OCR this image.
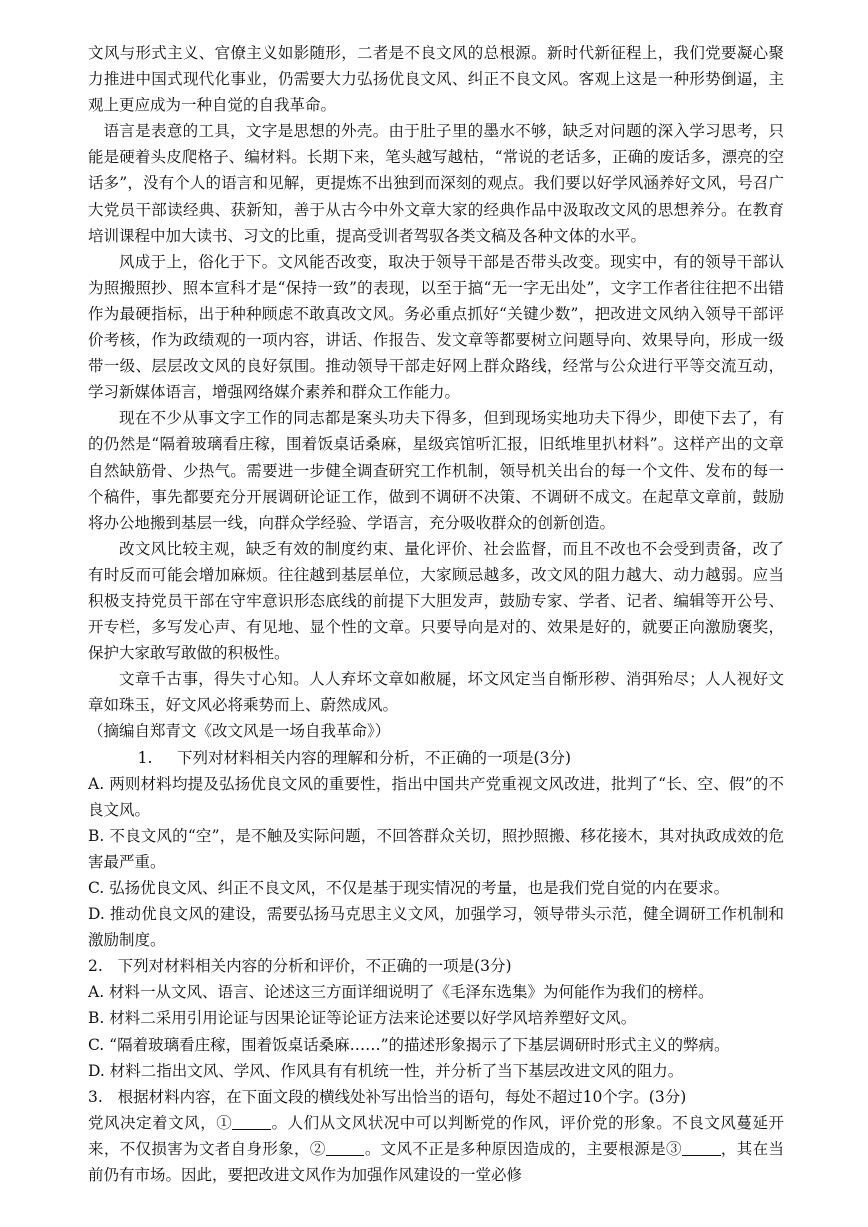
文风与形式主义、官僚主义如影随形，二者是不良文风的总根源。新时代新征程上，我们党要凝心聚力推进中国式现代化事业，仍需要大力弘扬优良文风、纠正不良文风。客观上这是一种形势倒逼，主观上更应成为一种自觉的自我革命。

语言是表意的工具，文字是思想的外壳。由于肚子里的墨水不够，缺乏对问题的深入学习思考，只能是硬着头皮爬格子、编材料。长期下来，笔头越写越枯，“常说的老话多，正确的废话多，漂亮的空话多”，没有个人的语言和见解，更提炼不出独到而深刻的观点。我们要以好学风涵养好文风，号召广大党员干部读经典、获新知，善于从古今中外文章大家的经典作品中汲取改文风的思想养分。在教育培训课程中加大读书、习文的比重，提高受训者驾驭各类文稿及各种文体的水平。

风成于上，俗化于下。文风能否改变，取决于领导干部是否带头改变。现实中，有的领导干部认为照搬照抄、照本宣科才是“保持一致”的表现，以至于搞“无一字无出处”，文字工作者往往把不出错作为最硬指标，出于种种顾虑不敢真改文风。务必重点抓好“关键少数”，把改进文风纳入领导干部评价考核，作为政绩观的一项内容，讲话、作报告、发文章等都要树立问题导向、效果导向，形成一级带一级、层层改文风的良好氛围。推动领导干部走好网上群众路线，经常与公众进行平等交流互动，学习新媒体语言，增强网络媒介素养和群众工作能力。

现在不少从事文字工作的同志都是案头功夫下得多，但到现场实地功夫下得少，即使下去了，有的仍然是“隔着玻璃看庄稼，围着饭桌话桑麻，星级宾馆听汇报，旧纸堆里扒材料”。这样产出的文章自然缺筋骨、少热气。需要进一步健全调查研究工作机制，领导机关出台的每一个文件、发布的每一个稿件，事先都要充分开展调研论证工作，做到不调研不决策、不调研不成文。在起草文章前，鼓励将办公地搬到基层一线，向群众学经验、学语言，充分吸收群众的创新创造。

改文风比较主观，缺乏有效的制度约束、量化评价、社会监督，而且不改也不会受到责备，改了有时反而可能会增加麻烦。往往越到基层单位，大家顾忌越多，改文风的阻力越大、动力越弱。应当积极支持党员干部在守牢意识形态底线的前提下大胆发声，鼓励专家、学者、记者、编辑等开公号、开专栏，多写发心声、有见地、显个性的文章。只要导向是对的、效果是好的，就要正向激励褒奖，保护大家敢写敢做的积极性。

文章千古事，得失寸心知。人人弃坏文章如敝屣，坏文风定当自惭形秽、消弭殆尽；人人视好文章如珠玉，好文风必将乘势而上、蔚然成风。

（摘编自郑青文《改文风是一场自我革命》）

1. 下列对材料相关内容的理解和分析，不正确的一项是(3分)

A. 两则材料均提及弘扬优良文风的重要性，指出中国共产党重视文风改进，批判了“长、空、假”的不良文风。

B. 不良文风的“空”，是不触及实际问题，不回答群众关切，照抄照搬、移花接木，其对执政成效的危害最严重。

C. 弘扬优良文风、纠正不良文风，不仅是基于现实情况的考量，也是我们党自觉的内在要求。

D. 推动优良文风的建设，需要弘扬马克思主义文风，加强学习，领导带头示范，健全调研工作机制和激励制度。

2. 下列对材料相关内容的分析和评价，不正确的一项是(3分)

A. 材料一从文风、语言、论述这三方面详细说明了《毛泽东选集》为何能作为我们的榜样。

B. 材料二采用引用论证与因果论证等论证方法来论述要以好学风培养塑好文风。

C. “隔着玻璃看庄稼，围着饭桌话桑麻……”的描述形象揭示了下基层调研时形式主义的弊病。

D. 材料二指出文风、学风、作风具有有机统一性，并分析了当下基层改进文风的阻力。

3. 根据材料内容，在下面文段的横线处补写出恰当的语句，每处不超过10个字。(3分)

党风决定着文风，①	。人们从文风状况中可以判断党的作风，评价党的形象。不良文风蔓延开来，不仅损害为文者自身形象，②	。文风不正是多种原因造成的，主要根源是③	，其在当前仍有市场。因此，要把改进文风作为加强作风建设的一堂必修
